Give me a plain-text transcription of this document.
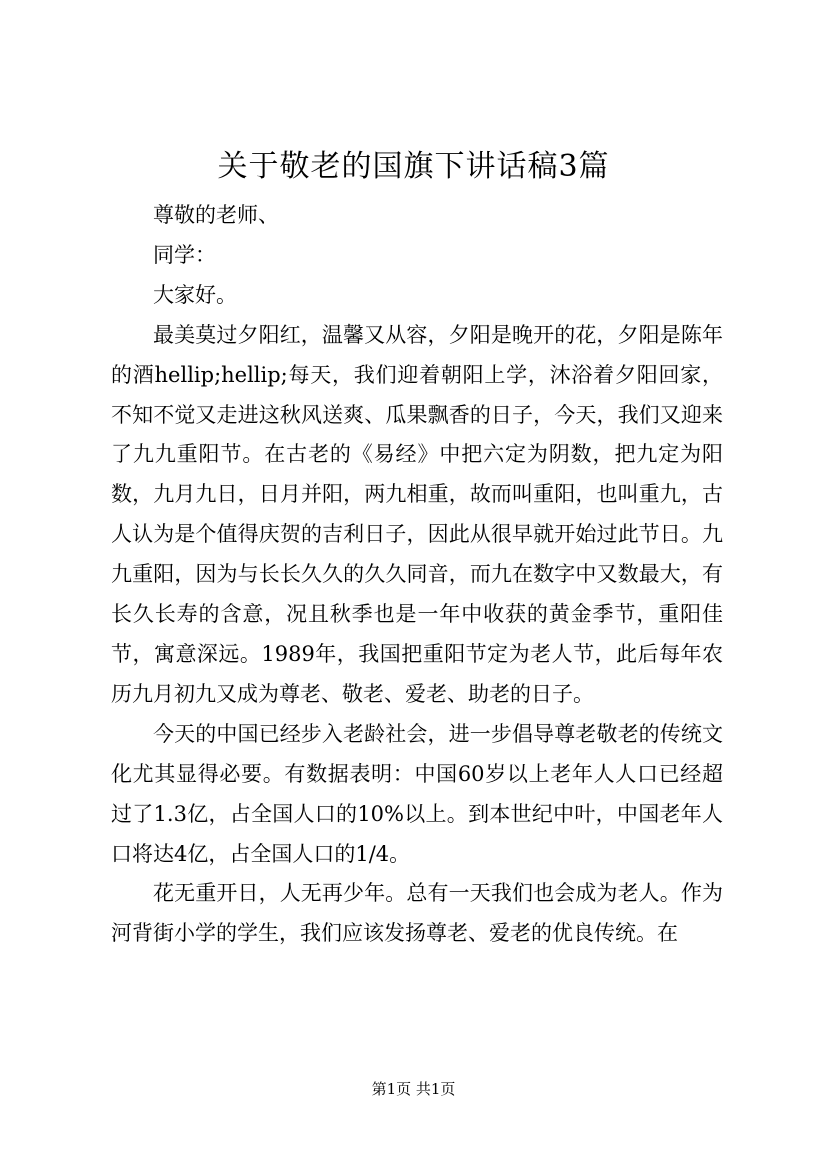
关于敬老的国旗下讲话稿3篇

尊敬的老师、

同学：

大家好。

最美莫过夕阳红，温馨又从容，夕阳是晚开的花，夕阳是陈年的酒hellip;hellip;每天，我们迎着朝阳上学，沐浴着夕阳回家，不知不觉又走进这秋风送爽、瓜果飘香的日子，今天，我们又迎来了九九重阳节。在古老的《易经》中把六定为阴数，把九定为阳数，九月九日，日月并阳，两九相重，故而叫重阳，也叫重九，古人认为是个值得庆贺的吉利日子，因此从很早就开始过此节日。九九重阳，因为与长长久久的久久同音，而九在数字中又数最大，有长久长寿的含意，况且秋季也是一年中收获的黄金季节，重阳佳节，寓意深远。1989年，我国把重阳节定为老人节，此后每年农历九月初九又成为尊老、敬老、爱老、助老的日子。

今天的中国已经步入老龄社会，进一步倡导尊老敬老的传统文化尤其显得必要。有数据表明：中国60岁以上老年人人口已经超过了1.3亿，占全国人口的10%以上。到本世纪中叶，中国老年人口将达4亿，占全国人口的1/4。

花无重开日，人无再少年。总有一天我们也会成为老人。作为河背街小学的学生，我们应该发扬尊老、爱老的优良传统。在

第1页 共1页
